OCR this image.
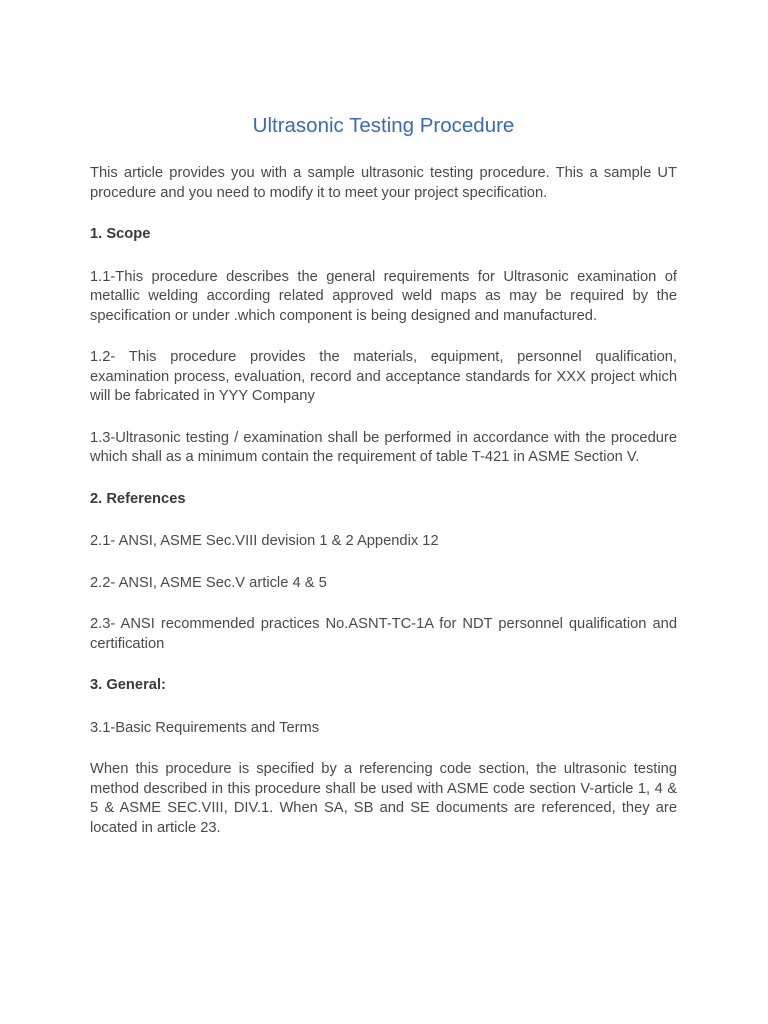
Ultrasonic Testing Procedure

This article provides you with a sample ultrasonic testing procedure. This a sample UT procedure and you need to modify it to meet your project specification.

1. Scope

1.1-This procedure describes the general requirements for Ultrasonic examination of metallic welding according related approved weld maps as may be required by the specification or under .which component is being designed and manufactured.

1.2- This procedure provides the materials, equipment, personnel qualification, examination process, evaluation, record and acceptance standards for XXX project which will be fabricated in YYY Company

1.3-Ultrasonic testing / examination shall be performed in accordance with the procedure which shall as a minimum contain the requirement of table T-421 in ASME Section V.

2. References

2.1- ANSI, ASME Sec.VIII devision 1 & 2 Appendix 12

2.2- ANSI, ASME Sec.V article 4 & 5

2.3- ANSI recommended practices No.ASNT-TC-1A for NDT personnel qualification and certification

3. General:

3.1-Basic Requirements and Terms

When this procedure is specified by a referencing code section, the ultrasonic testing method described in this procedure shall be used with ASME code section V-article 1, 4 & 5 & ASME SEC.VIII, DIV.1. When SA, SB and SE documents are referenced, they are located in article 23.
